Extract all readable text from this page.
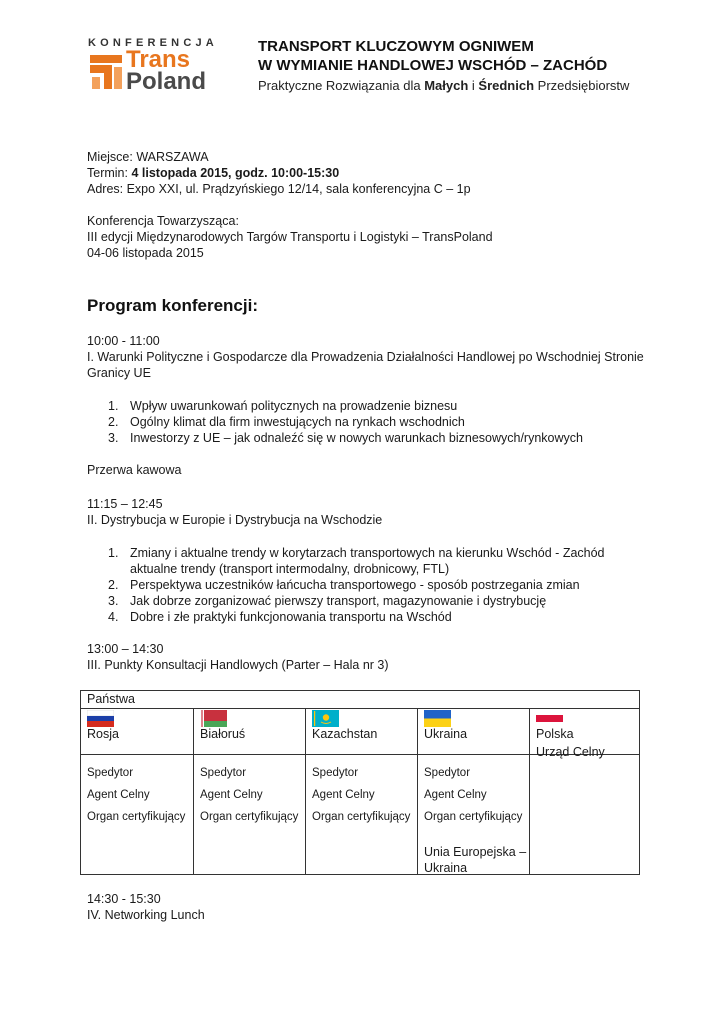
KONFERENCJA
Trans
Poland
TRANSPORT KLUCZOWYM OGNIWEM
W WYMIANIE HANDLOWEJ WSCHÓD – ZACHÓD
Praktyczne Rozwiązania dla Małych i Średnich Przedsiębiorstw
Miejsce: WARSZAWA
Termin: 4 listopada 2015, godz. 10:00-15:30
Adres: Expo XXI, ul. Prądzyńskiego 12/14, sala konferencyjna C – 1p
Konferencja Towarzysząca:
III edycji Międzynarodowych Targów Transportu i Logistyki – TransPoland
04-06 listopada 2015
Program konferencji:
10:00 - 11:00
I. Warunki Polityczne i Gospodarcze dla Prowadzenia Działalności Handlowej po Wschodniej Stronie
Granicy UE
1. Wpływ uwarunkowań politycznych na prowadzenie biznesu
2. Ogólny klimat dla firm inwestujących na rynkach wschodnich
3. Inwestorzy z UE – jak odnaleźć się w nowych warunkach biznesowych/rynkowych
Przerwa kawowa
11:15 – 12:45
II. Dystrybucja w Europie i Dystrybucja na Wschodzie
1. Zmiany i aktualne trendy w korytarzach transportowych na kierunku Wschód - Zachód
aktualne trendy (transport intermodalny, drobnicowy, FTL)
2. Perspektywa uczestników łańcucha transportowego - sposób postrzegania zmian
3. Jak dobrze zorganizować pierwszy transport, magazynowanie i dystrybucję
4. Dobre i złe praktyki funkcjonowania transportu na Wschód
13:00 – 14:30
III. Punkty Konsultacji Handlowych (Parter – Hala nr 3)
Państwa
Rosja
Spedytor
Agent Celny
Organ certyfikujący
Białoruś
Spedytor
Agent Celny
Organ certyfikujący
Kazachstan
Spedytor
Agent Celny
Organ certyfikujący
Ukraina
Spedytor
Agent Celny
Organ certyfikujący
Unia Europejska –
Ukraina
Polska
Urząd Celny
14:30 - 15:30
IV. Networking Lunch
